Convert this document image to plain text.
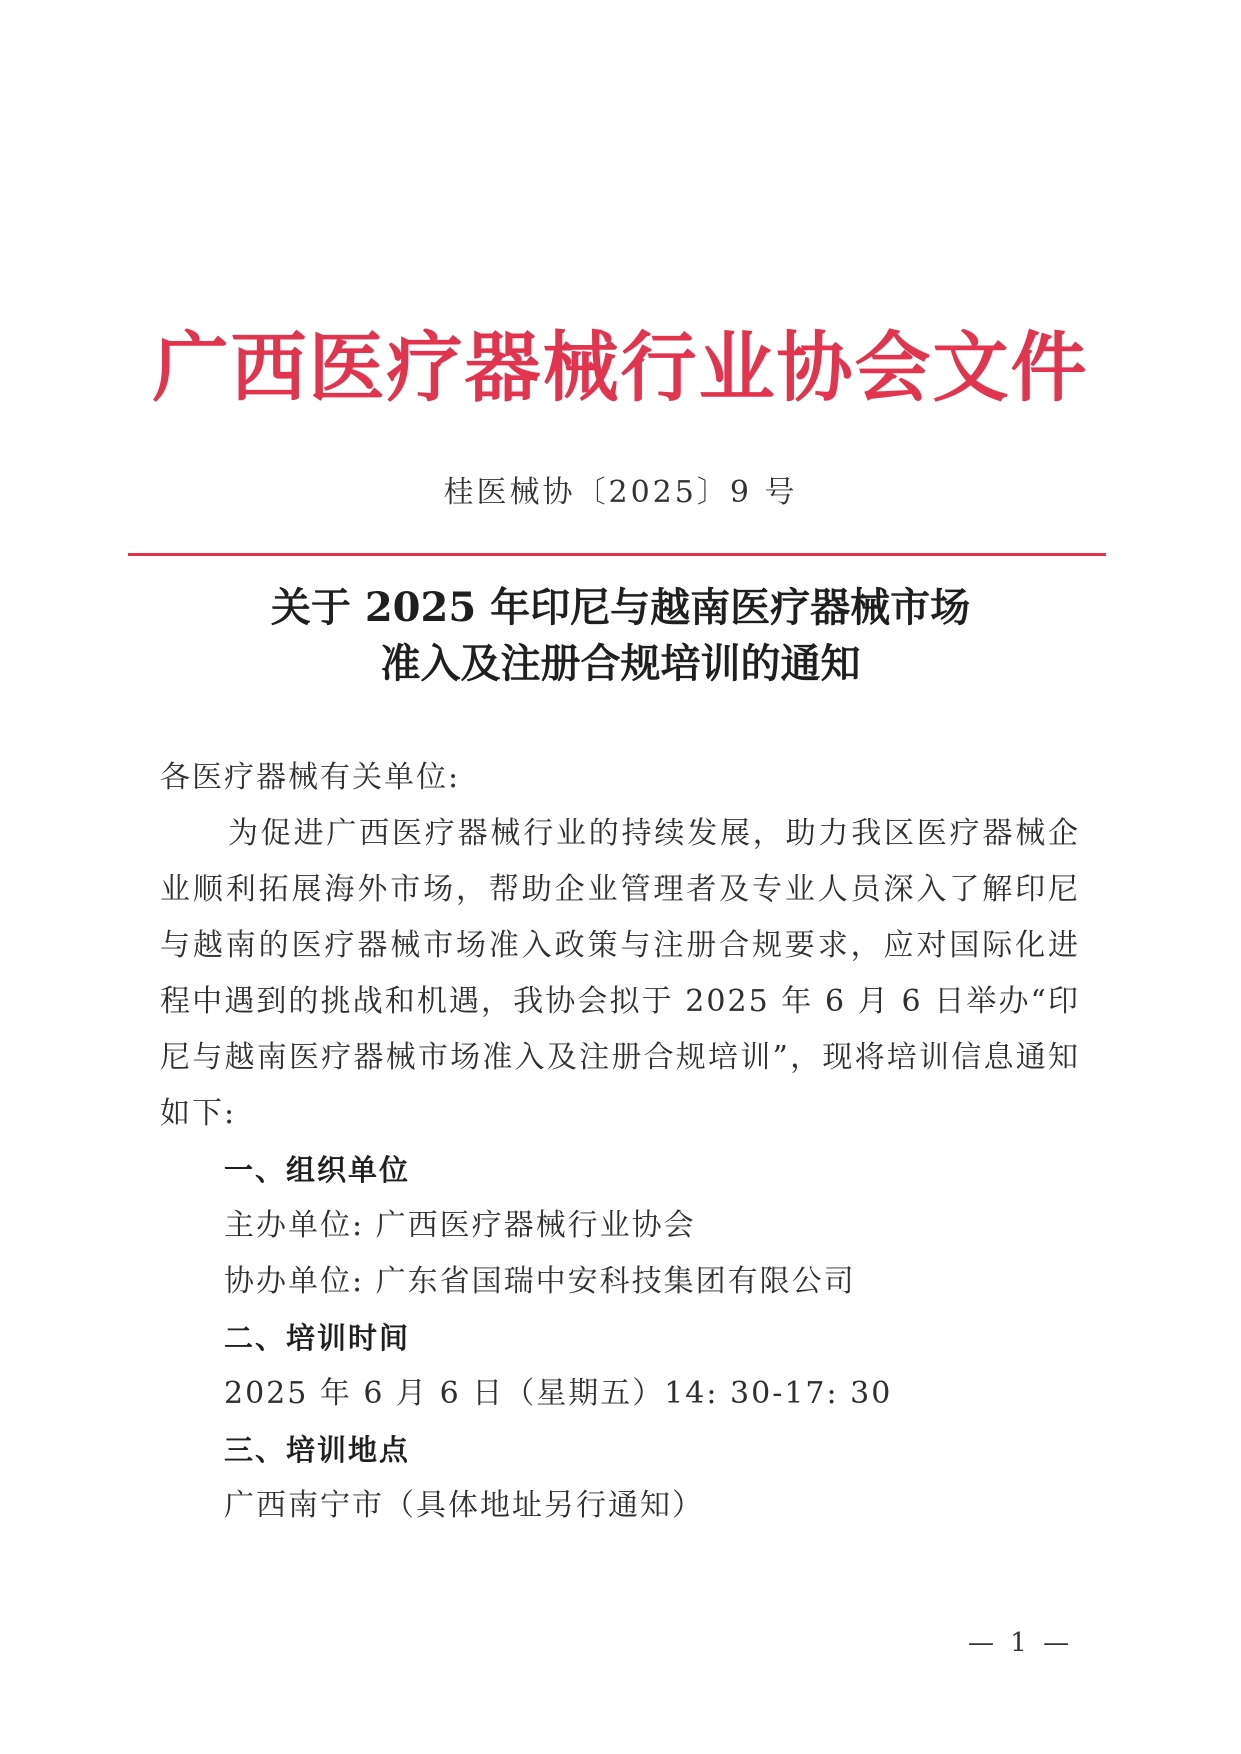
广西医疗器械行业协会文件
桂医械协〔2025〕9 号
关于 2025 年印尼与越南医疗器械市场
准入及注册合规培训的通知

各医疗器械有关单位:

为促进广西医疗器械行业的持续发展，助力我区医疗器械企业顺利拓展海外市场，帮助企业管理者及专业人员深入了解印尼与越南的医疗器械市场准入政策与注册合规要求，应对国际化进程中遇到的挑战和机遇，我协会拟于 2025 年 6 月 6 日举办“印尼与越南医疗器械市场准入及注册合规培训”，现将培训信息通知如下:

一、组织单位

主办单位: 广西医疗器械行业协会

协办单位: 广东省国瑞中安科技集团有限公司

二、培训时间

2025 年 6 月 6 日（星期五）14: 30-17: 30

三、培训地点

广西南宁市（具体地址另行通知）

— 1 —
